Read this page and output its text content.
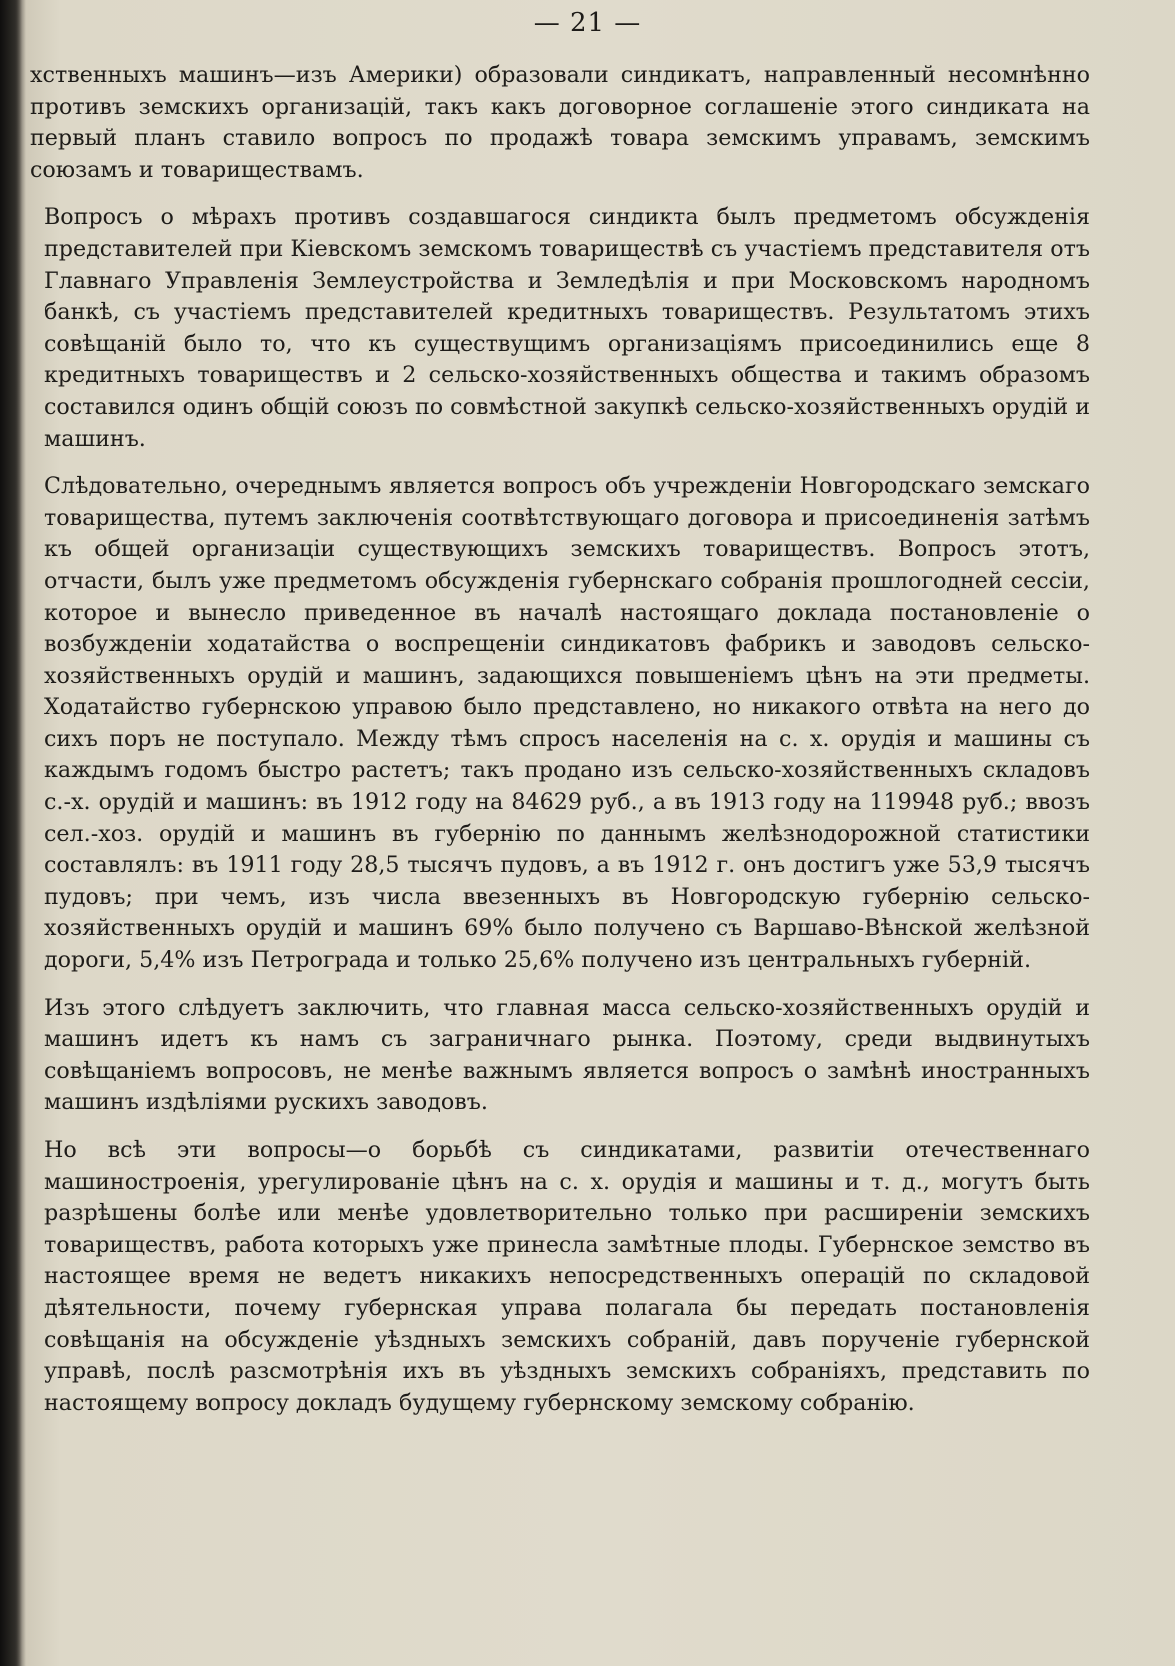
— 21 —

хственныхъ машинъ—изъ Америки) образовали синдикатъ, направленный несомнѣнно противъ земскихъ организацій, такъ какъ договорное соглашеніе этого синдиката на первый планъ ставило вопросъ по продажѣ товара земскимъ управамъ, земскимъ союзамъ и товариществамъ.

Вопросъ о мѣрахъ противъ создавшагося синдикта былъ предметомъ обсужденія представителей при Кіевскомъ земскомъ товариществѣ съ участіемъ представителя отъ Главнаго Управленія Землеустройства и Земледѣлія и при Московскомъ народномъ банкѣ, съ участіемъ представителей кредитныхъ товариществъ. Результатомъ этихъ совѣщаній было то, что къ существущимъ организаціямъ присоединились еще 8 кредитныхъ товариществъ и 2 сельско-хозяйственныхъ общества и такимъ образомъ составился одинъ общій союзъ по совмѣстной закупкѣ сельско-хозяйственныхъ орудій и машинъ.

Слѣдовательно, очереднымъ является вопросъ объ учрежденіи Новгородскаго земскаго товарищества, путемъ заключенія соотвѣтствующаго договора и присоединенія затѣмъ къ общей организаціи существующихъ земскихъ товариществъ. Вопросъ этотъ, отчасти, былъ уже предметомъ обсужденія губернскаго собранія прошлогодней сессіи, которое и вынесло приведенное въ началѣ настоящаго доклада постановленіе о возбужденіи ходатайства о воспрещеніи синдикатовъ фабрикъ и заводовъ сельско-хозяйственныхъ орудій и машинъ, задающихся повышеніемъ цѣнъ на эти предметы. Ходатайство губернскою управою было представлено, но никакого отвѣта на него до сихъ поръ не поступало. Между тѣмъ спросъ населенія на с. х. орудія и машины съ каждымъ годомъ быстро растетъ; такъ продано изъ сельско-хозяйственныхъ складовъ с.-х. орудій и машинъ: въ 1912 году на 84629 руб., а въ 1913 году на 119948 руб.; ввозъ сел.-хоз. орудій и машинъ въ губернію по даннымъ желѣзнодорожной статистики составлялъ: въ 1911 году 28,5 тысячъ пудовъ, а въ 1912 г. онъ достигъ уже 53,9 тысячъ пудовъ; при чемъ, изъ числа ввезенныхъ въ Новгородскую губернію сельско-хозяйственныхъ орудій и машинъ 69% было получено съ Варшаво-Вѣнской желѣзной дороги, 5,4% изъ Петрограда и только 25,6% получено изъ центральныхъ губерній.

Изъ этого слѣдуетъ заключить, что главная масса сельско-хозяйственныхъ орудій и машинъ идетъ къ намъ съ заграничнаго рынка. Поэтому, среди выдвинутыхъ совѣщаніемъ вопросовъ, не менѣе важнымъ является вопросъ о замѣнѣ иностранныхъ машинъ издѣліями рускихъ заводовъ.

Но всѣ эти вопросы—о борьбѣ съ синдикатами, развитіи отечественнаго машиностроенія, урегулированіе цѣнъ на с. х. орудія и машины и т. д., могутъ быть разрѣшены болѣе или менѣе удовлетворительно только при расширеніи земскихъ товариществъ, работа которыхъ уже принесла замѣтные плоды. Губернское земство въ настоящее время не ведетъ никакихъ непосредственныхъ операцій по складовой дѣятельности, почему губернская управа полагала бы передать постановленія совѣщанія на обсужденіе уѣздныхъ земскихъ собраній, давъ порученіе губернской управѣ, послѣ разсмотрѣнія ихъ въ уѣздныхъ земскихъ собраніяхъ, представить по настоящему вопросу докладъ будущему губернскому земскому собранію.
